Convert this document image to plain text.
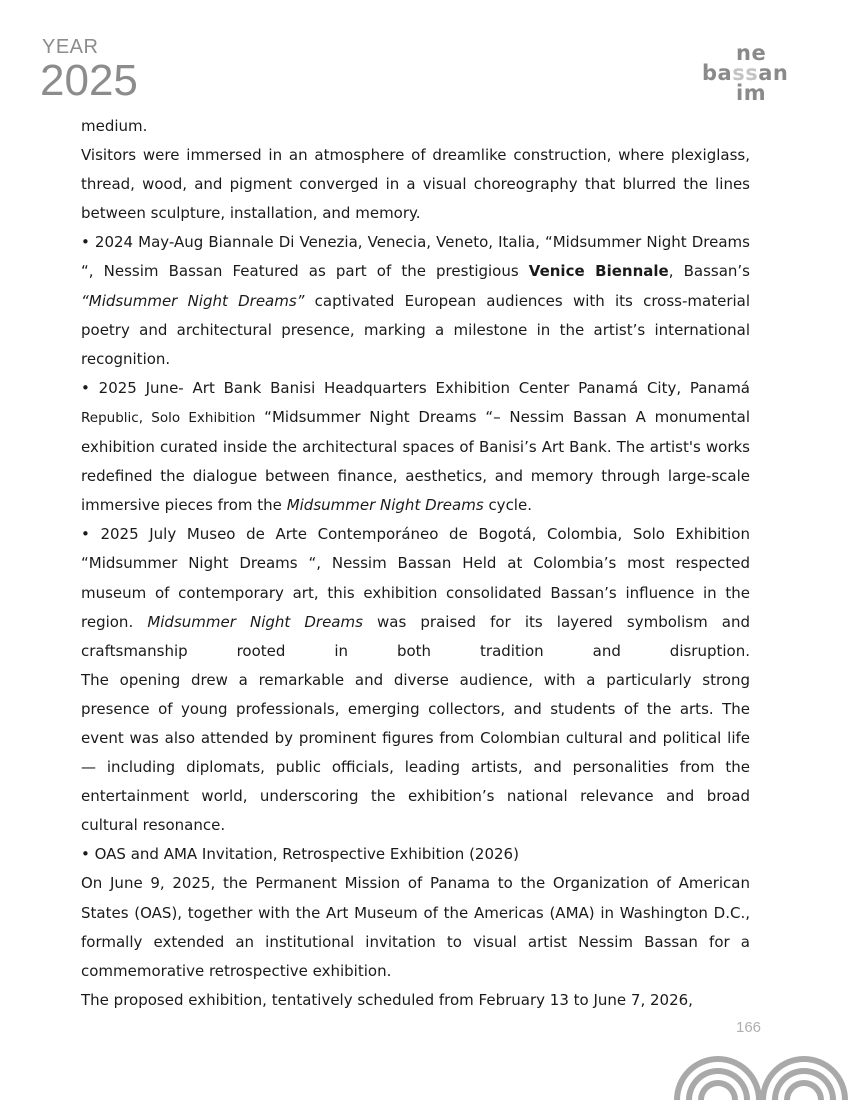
YEAR
2025
ne
bassan
im

medium.

Visitors were immersed in an atmosphere of dreamlike construction, where plexiglass, thread, wood, and pigment converged in a visual choreography that blurred the lines between sculpture, installation, and memory.

• 2024 May-Aug Biannale Di Venezia, Venecia, Veneto, Italia, “Midsummer Night Dreams “, Nessim Bassan Featured as part of the prestigious Venice Biennale, Bassan’s “Midsummer Night Dreams” captivated European audiences with its cross-material poetry and architectural presence, marking a milestone in the artist’s international recognition.

• 2025 June- Art Bank Banisi Headquarters Exhibition Center Panamá City, Panamá Republic, Solo Exhibition “Midsummer Night Dreams “– Nessim Bassan A monumental exhibition curated inside the architectural spaces of Banisi’s Art Bank. The artist's works redefined the dialogue between finance, aesthetics, and memory through large-scale immersive pieces from the Midsummer Night Dreams cycle.

• 2025 July Museo de Arte Contemporáneo de Bogotá, Colombia, Solo Exhibition “Midsummer Night Dreams “, Nessim Bassan Held at Colombia’s most respected museum of contemporary art, this exhibition consolidated Bassan’s influence in the region. Midsummer Night Dreams was praised for its layered symbolism and craftsmanship rooted in both tradition and disruption.

The opening drew a remarkable and diverse audience, with a particularly strong presence of young professionals, emerging collectors, and students of the arts. The event was also attended by prominent figures from Colombian cultural and political life — including diplomats, public officials, leading artists, and personalities from the entertainment world, underscoring the exhibition’s national relevance and broad cultural resonance.

• OAS and AMA Invitation, Retrospective Exhibition (2026)

On June 9, 2025, the Permanent Mission of Panama to the Organization of American States (OAS), together with the Art Museum of the Americas (AMA) in Washington D.C., formally extended an institutional invitation to visual artist Nessim Bassan for a commemorative retrospective exhibition.

The proposed exhibition, tentatively scheduled from February 13 to June 7, 2026,

166
